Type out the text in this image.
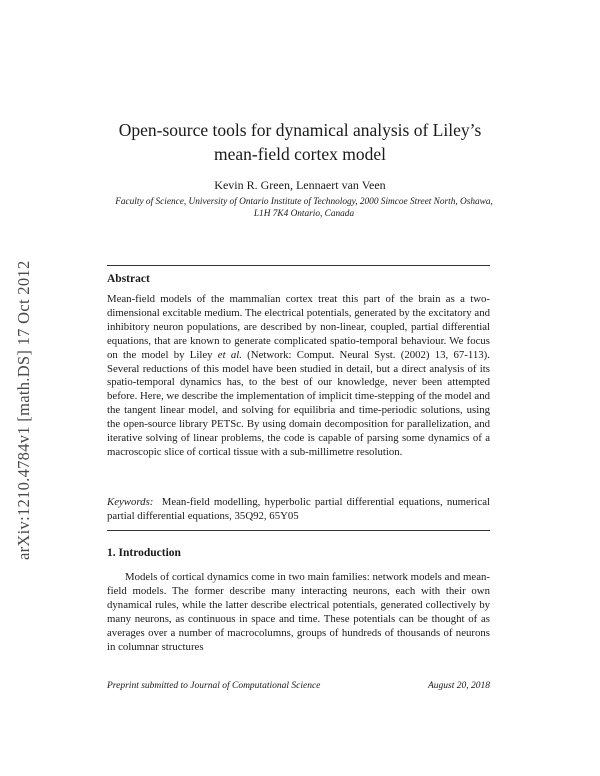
arXiv:1210.4784v1 [math.DS] 17 Oct 2012
Open-source tools for dynamical analysis of Liley’s mean-field cortex model
Kevin R. Green, Lennaert van Veen
Faculty of Science, University of Ontario Institute of Technology, 2000 Simcoe Street North, Oshawa, L1H 7K4 Ontario, Canada
Abstract
Mean-field models of the mammalian cortex treat this part of the brain as a two-dimensional excitable medium. The electrical potentials, generated by the excitatory and inhibitory neuron populations, are described by non-linear, coupled, partial differential equations, that are known to generate complicated spatio-temporal behaviour. We focus on the model by Liley et al. (Network: Comput. Neural Syst. (2002) 13, 67-113). Several reductions of this model have been studied in detail, but a direct analysis of its spatio-temporal dynamics has, to the best of our knowledge, never been attempted before. Here, we describe the implementation of implicit time-stepping of the model and the tangent linear model, and solving for equilibria and time-periodic solutions, using the open-source library PETSc. By using domain decomposition for parallelization, and iterative solving of linear problems, the code is capable of parsing some dynamics of a macroscopic slice of cortical tissue with a sub-millimetre resolution.
Keywords: Mean-field modelling, hyperbolic partial differential equations, numerical partial differential equations, 35Q92, 65Y05
1. Introduction
Models of cortical dynamics come in two main families: network models and mean-field models. The former describe many interacting neurons, each with their own dynamical rules, while the latter describe electrical potentials, generated collectively by many neurons, as continuous in space and time. These potentials can be thought of as averages over a number of macrocolumns, groups of hundreds of thousands of neurons in columnar structures
Preprint submitted to Journal of Computational Science	August 20, 2018
